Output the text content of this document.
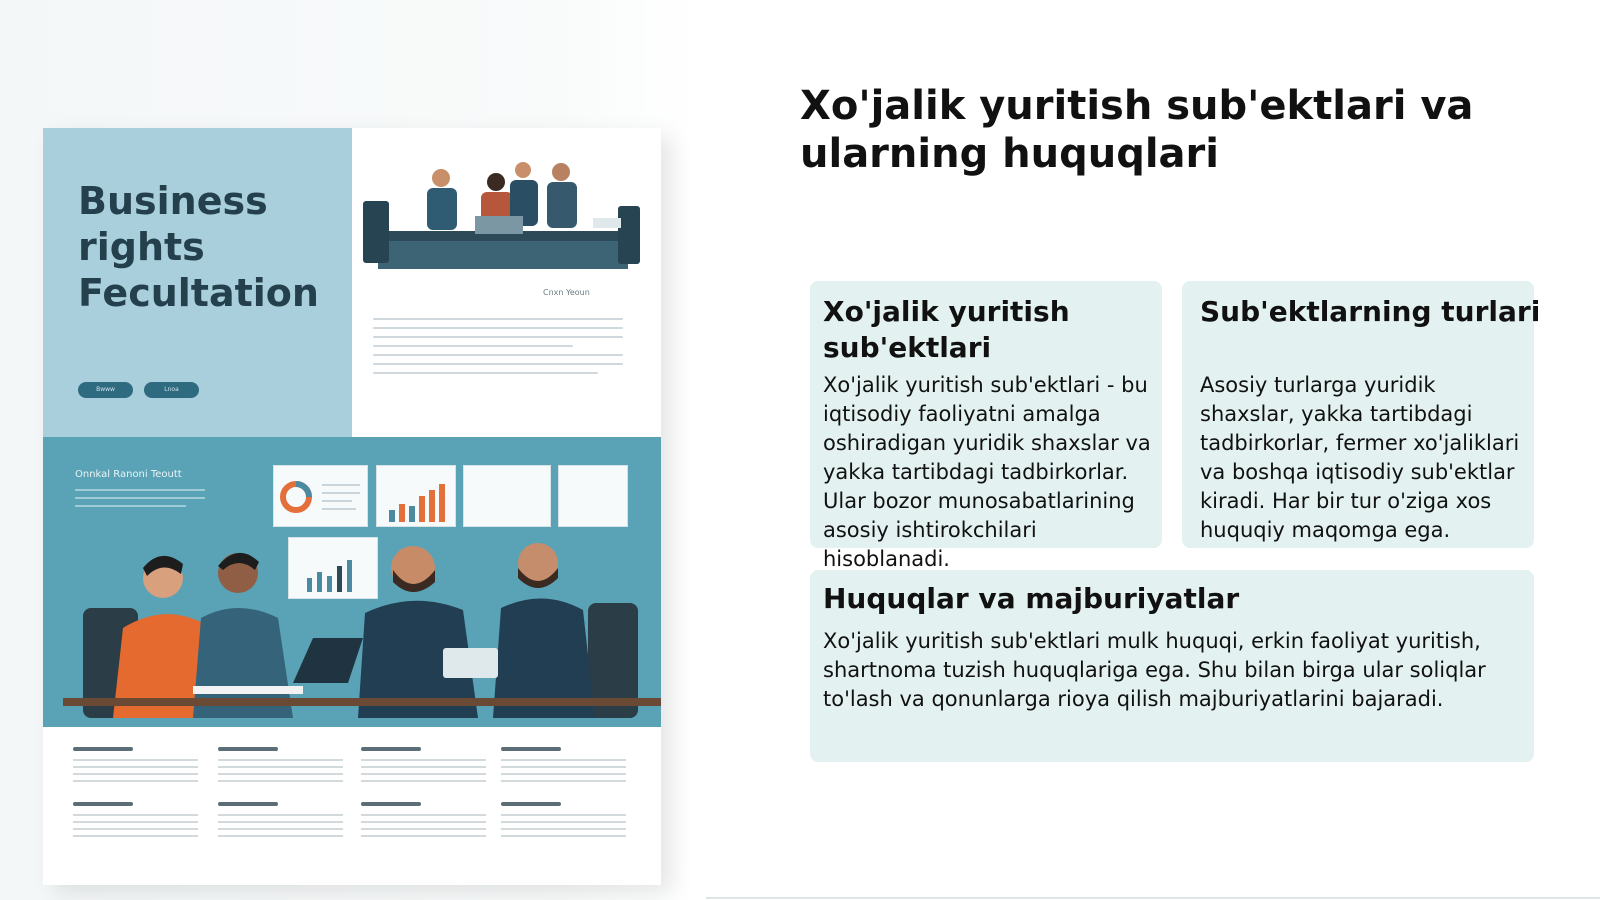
Business
rights
Fecultation
Bwww	Lnoa
Cnxn Yeoun
Onnkal Ranoni Teoutt
Xo'jalik yuritish sub'ektlari va ularning huquqlari
Xo'jalik yuritish sub'ektlari

Xo'jalik yuritish sub'ektlari - bu iqtisodiy faoliyatni amalga oshiradigan yuridik shaxslar va yakka tartibdagi tadbirkorlar. Ular bozor munosabatlarining asosiy ishtirokchilari hisoblanadi.

Sub'ektlarning turlari

Asosiy turlarga yuridik shaxslar, yakka tartibdagi tadbirkorlar, fermer xo'jaliklari va boshqa iqtisodiy sub'ektlar kiradi. Har bir tur o'ziga xos huquqiy maqomga ega.

Huquqlar va majburiyatlar

Xo'jalik yuritish sub'ektlari mulk huquqi, erkin faoliyat yuritish, shartnoma tuzish huquqlariga ega. Shu bilan birga ular soliqlar to'lash va qonunlarga rioya qilish majburiyatlarini bajaradi.
